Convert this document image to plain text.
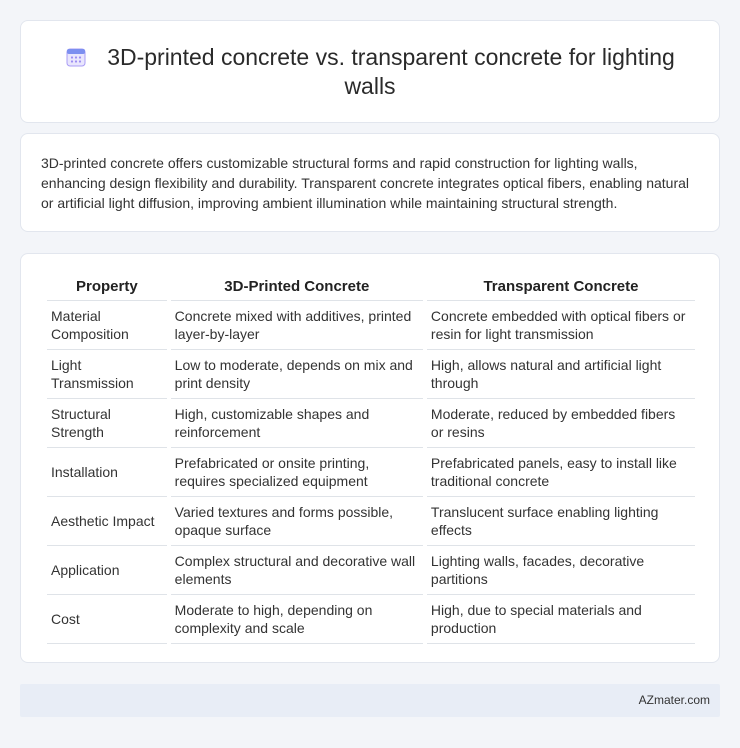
3D-printed concrete vs. transparent concrete for lighting walls

3D-printed concrete offers customizable structural forms and rapid construction for lighting walls, enhancing design flexibility and durability. Transparent concrete integrates optical fibers, enabling natural or artificial light diffusion, improving ambient illumination while maintaining structural strength.

Property	3D-Printed Concrete	Transparent Concrete
Material Composition	Concrete mixed with additives, printed layer-by-layer	Concrete embedded with optical fibers or resin for light transmission
Light Transmission	Low to moderate, depends on mix and print density	High, allows natural and artificial light through
Structural Strength	High, customizable shapes and reinforcement	Moderate, reduced by embedded fibers or resins
Installation	Prefabricated or onsite printing, requires specialized equipment	Prefabricated panels, easy to install like traditional concrete
Aesthetic Impact	Varied textures and forms possible, opaque surface	Translucent surface enabling lighting effects
Application	Complex structural and decorative wall elements	Lighting walls, facades, decorative partitions
Cost	Moderate to high, depending on complexity and scale	High, due to special materials and production
AZmater.com
